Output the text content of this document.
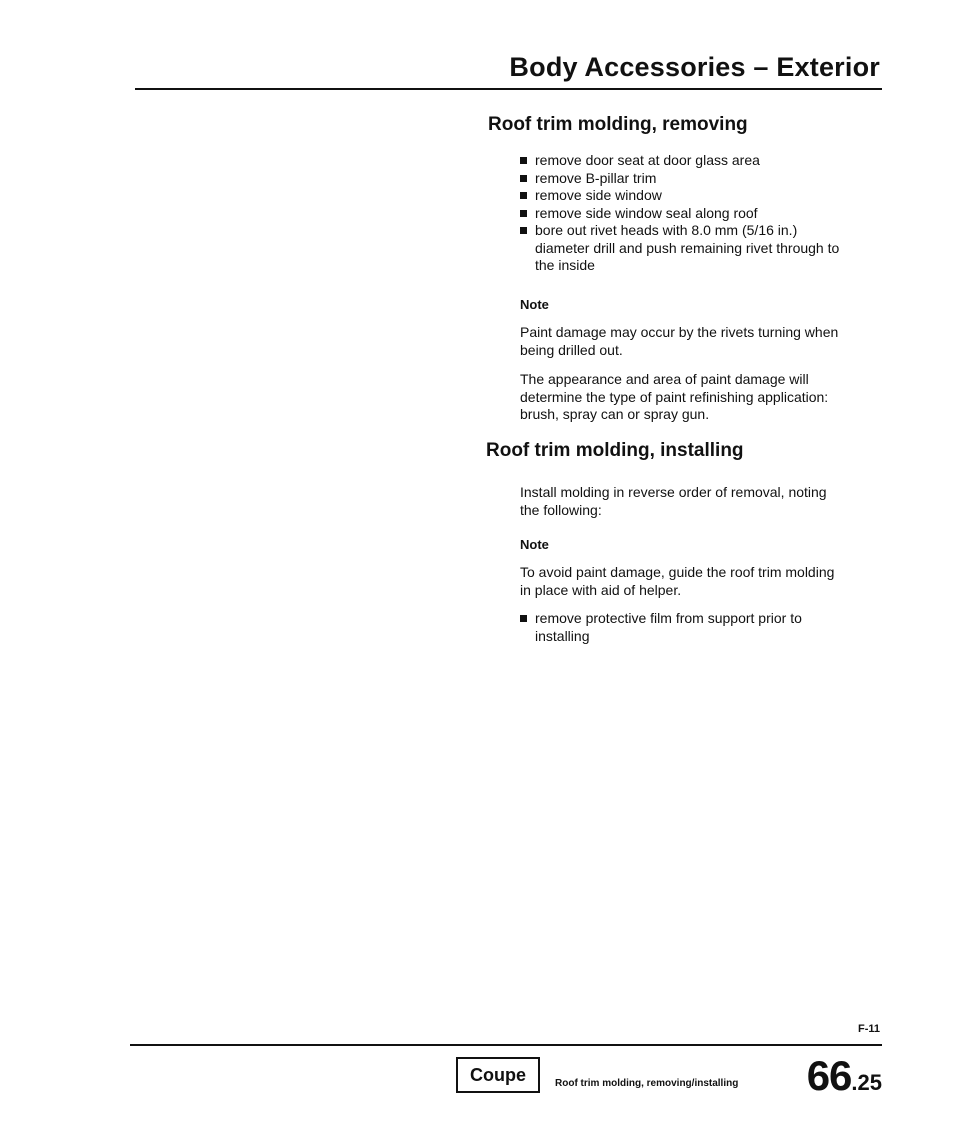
Body Accessories – Exterior
Roof trim molding, removing
remove door seat at door glass area
remove B-pillar trim
remove side window
remove side window seal along roof
bore out rivet heads with 8.0 mm (5/16 in.) diameter drill and push remaining rivet through to the inside
Note

Paint damage may occur by the rivets turning when being drilled out.

The appearance and area of paint damage will determine the type of paint refinishing application: brush, spray can or spray gun.

Roof trim molding, installing

Install molding in reverse order of removal, noting the following:

Note

To avoid paint damage, guide the roof trim molding in place with aid of helper.

remove protective film from support prior to installing
F-11
Coupe	Roof trim molding, removing/installing 66.25
